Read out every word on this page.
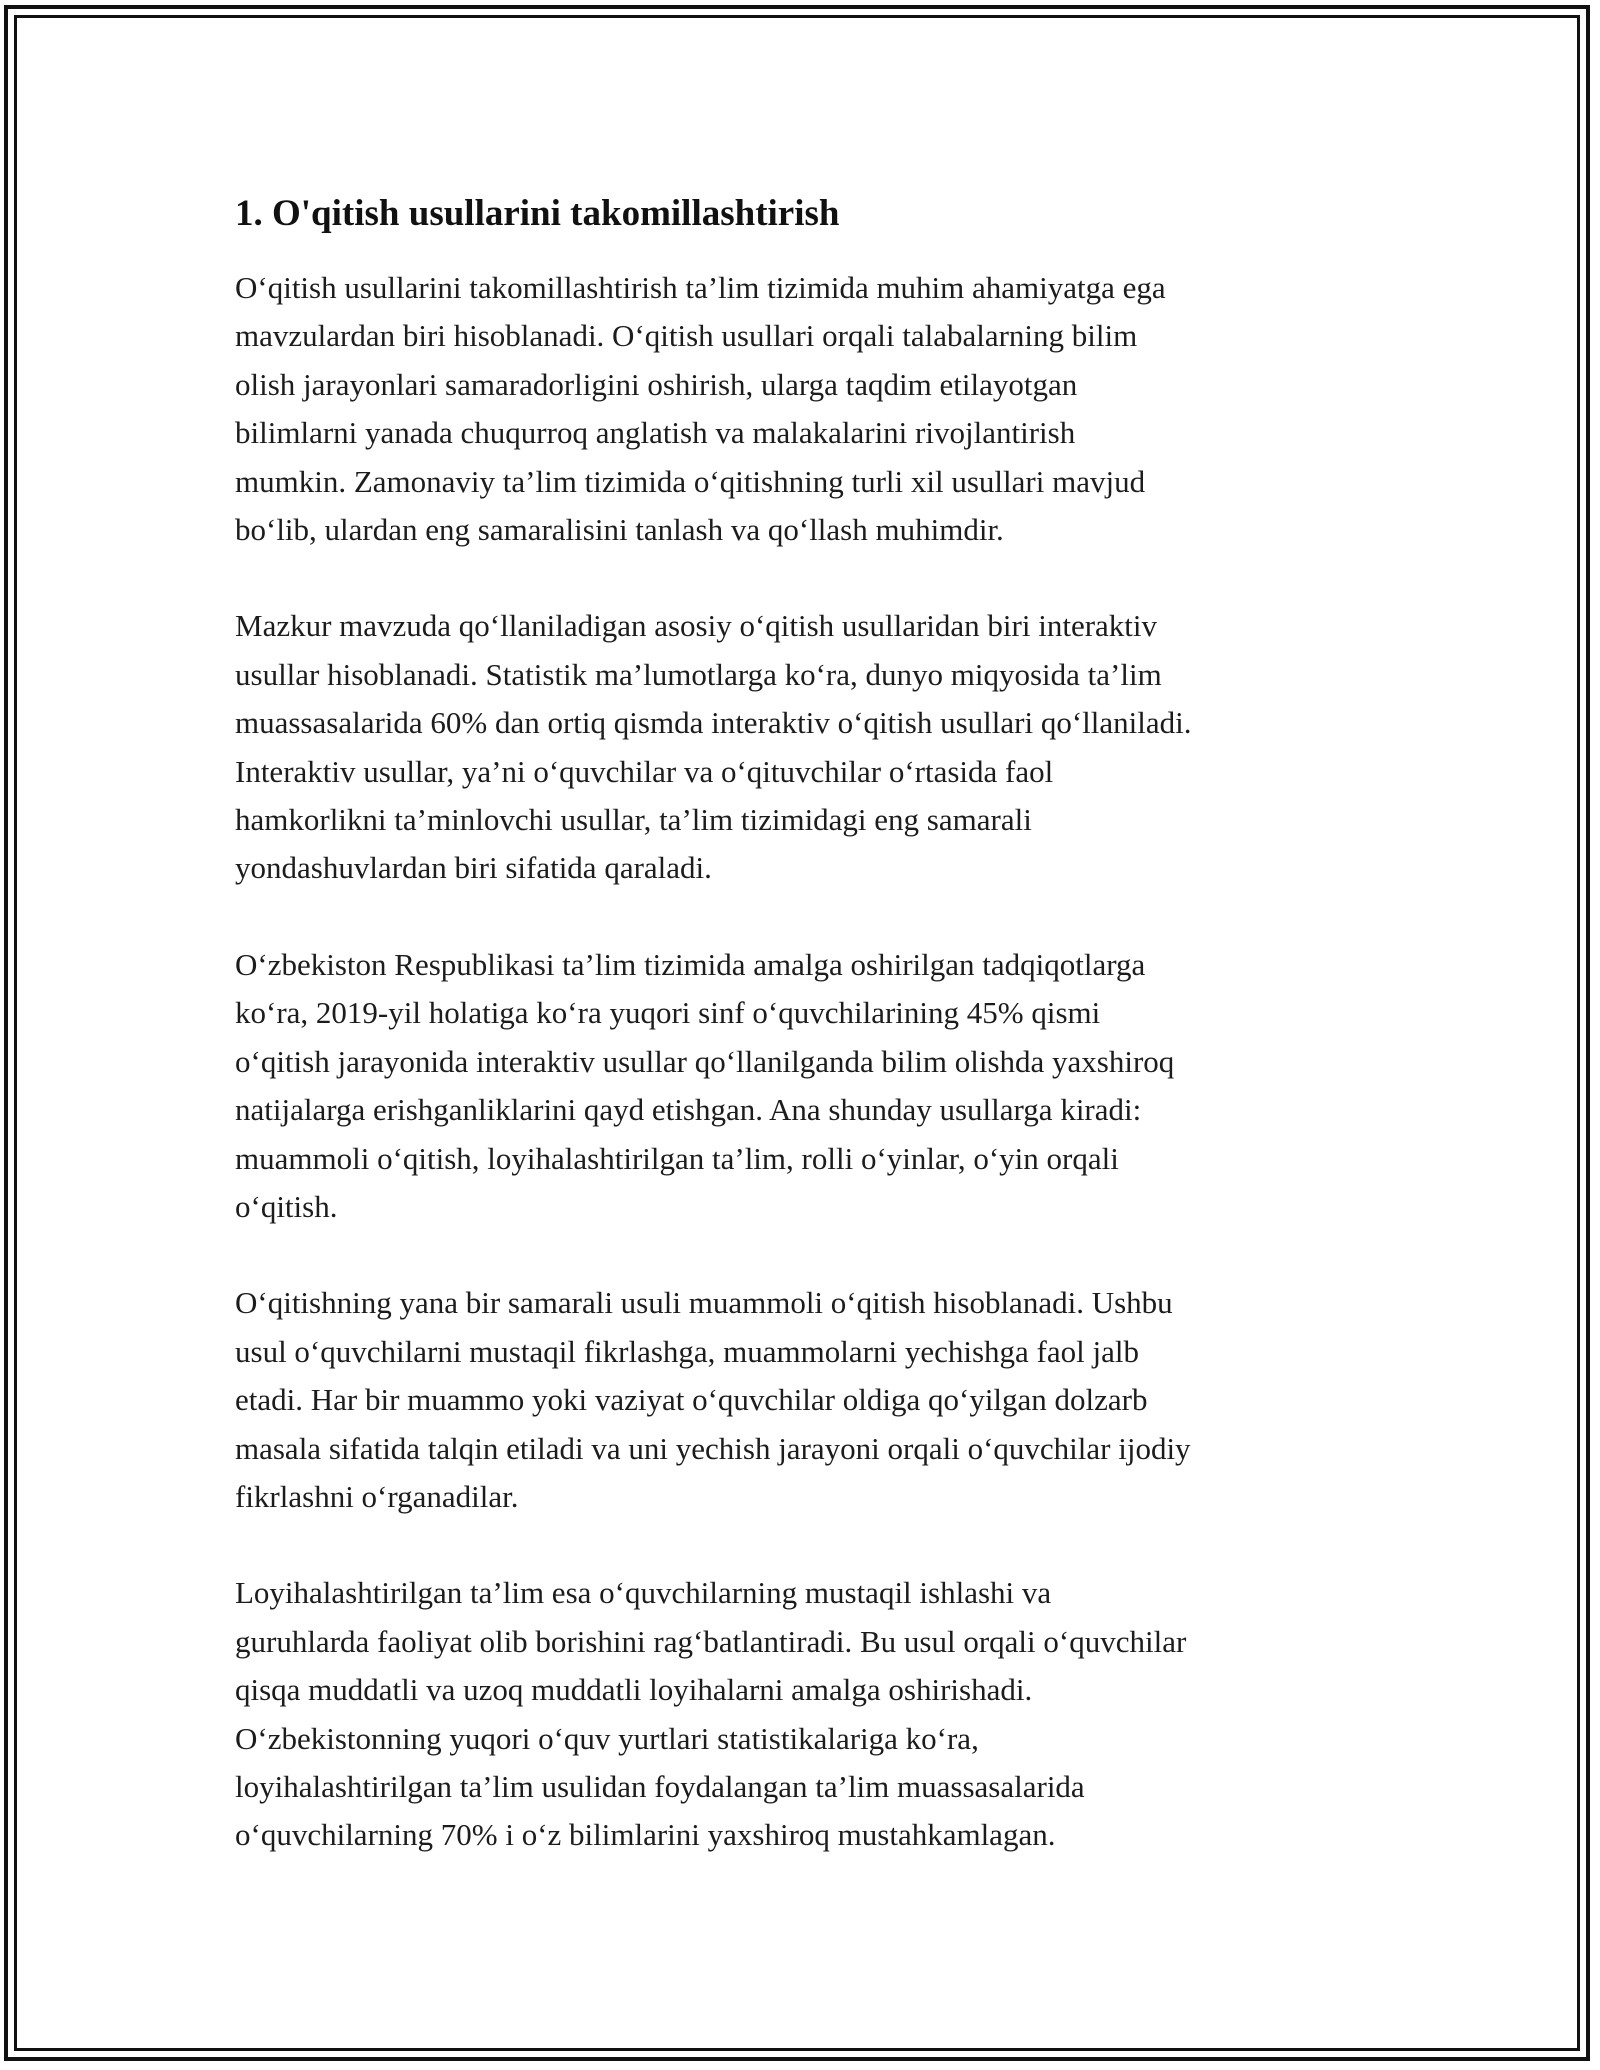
1. O'qitish usullarini takomillashtirish

O‘qitish usullarini takomillashtirish ta’lim tizimida muhim ahamiyatga ega
mavzulardan biri hisoblanadi. O‘qitish usullari orqali talabalarning bilim
olish jarayonlari samaradorligini oshirish, ularga taqdim etilayotgan
bilimlarni yanada chuqurroq anglatish va malakalarini rivojlantirish
mumkin. Zamonaviy ta’lim tizimida o‘qitishning turli xil usullari mavjud
bo‘lib, ulardan eng samaralisini tanlash va qo‘llash muhimdir.

Mazkur mavzuda qo‘llaniladigan asosiy o‘qitish usullaridan biri interaktiv
usullar hisoblanadi. Statistik ma’lumotlarga ko‘ra, dunyo miqyosida ta’lim
muassasalarida 60% dan ortiq qismda interaktiv o‘qitish usullari qo‘llaniladi.
Interaktiv usullar, ya’ni o‘quvchilar va o‘qituvchilar o‘rtasida faol
hamkorlikni ta’minlovchi usullar, ta’lim tizimidagi eng samarali
yondashuvlardan biri sifatida qaraladi.

O‘zbekiston Respublikasi ta’lim tizimida amalga oshirilgan tadqiqotlarga
ko‘ra, 2019-yil holatiga ko‘ra yuqori sinf o‘quvchilarining 45% qismi
o‘qitish jarayonida interaktiv usullar qo‘llanilganda bilim olishda yaxshiroq
natijalarga erishganliklarini qayd etishgan. Ana shunday usullarga kiradi:
muammoli o‘qitish, loyihalashtirilgan ta’lim, rolli o‘yinlar, o‘yin orqali
o‘qitish.

O‘qitishning yana bir samarali usuli muammoli o‘qitish hisoblanadi. Ushbu
usul o‘quvchilarni mustaqil fikrlashga, muammolarni yechishga faol jalb
etadi. Har bir muammo yoki vaziyat o‘quvchilar oldiga qo‘yilgan dolzarb
masala sifatida talqin etiladi va uni yechish jarayoni orqali o‘quvchilar ijodiy
fikrlashni o‘rganadilar.

Loyihalashtirilgan ta’lim esa o‘quvchilarning mustaqil ishlashi va
guruhlarda faoliyat olib borishini rag‘batlantiradi. Bu usul orqali o‘quvchilar
qisqa muddatli va uzoq muddatli loyihalarni amalga oshirishadi.
O‘zbekistonning yuqori o‘quv yurtlari statistikalariga ko‘ra,
loyihalashtirilgan ta’lim usulidan foydalangan ta’lim muassasalarida
o‘quvchilarning 70% i o‘z bilimlarini yaxshiroq mustahkamlagan.
